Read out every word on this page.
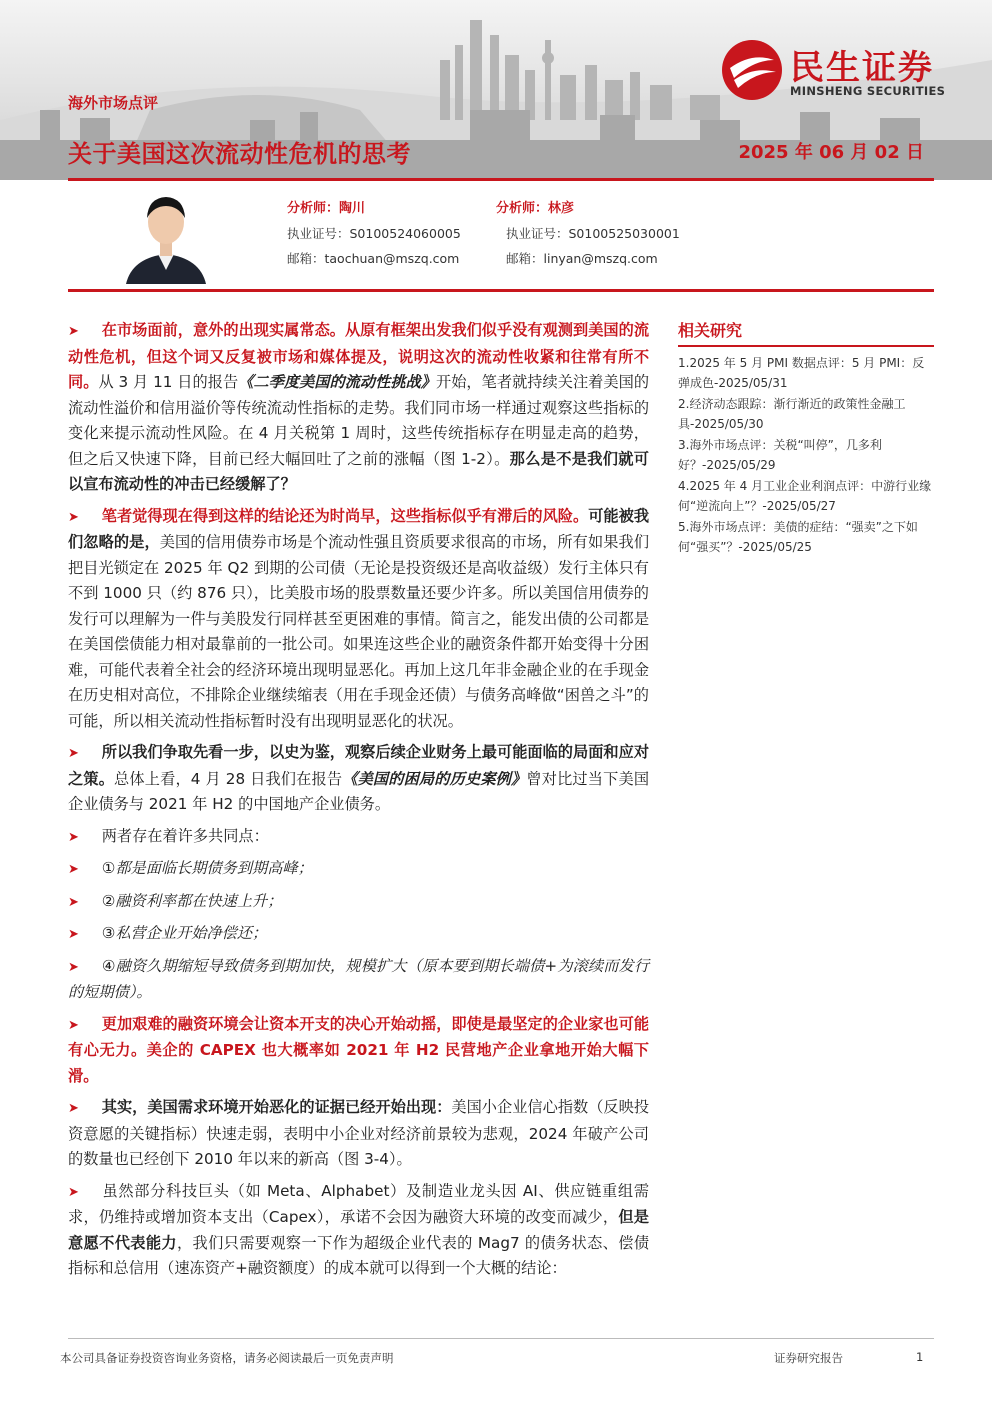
海外市场点评
关于美国这次流动性危机的思考	2025 年 06 月 02 日
民生证券
MINSHENG SECURITIES
分析师：陶川
执业证号：S0100524060005
邮箱：taochuan@mszq.com
分析师：林彦
执业证号：S0100525030001
邮箱：linyan@mszq.com

➤ 在市场面前，意外的出现实属常态。从原有框架出发我们似乎没有观测到美国的流动性危机，但这个词又反复被市场和媒体提及，说明这次的流动性收紧和往常有所不同。从 3 月 11 日的报告《二季度美国的流动性挑战》开始，笔者就持续关注着美国的流动性溢价和信用溢价等传统流动性指标的走势。我们同市场一样通过观察这些指标的变化来提示流动性风险。在 4 月关税第 1 周时，这些传统指标存在明显走高的趋势，但之后又快速下降，目前已经大幅回吐了之前的涨幅（图 1-2）。那么是不是我们就可以宣布流动性的冲击已经缓解了？

➤ 笔者觉得现在得到这样的结论还为时尚早，这些指标似乎有滞后的风险。可能被我们忽略的是，美国的信用债券市场是个流动性强且资质要求很高的市场，所有如果我们把目光锁定在 2025 年 Q2 到期的公司债（无论是投资级还是高收益级）发行主体只有不到 1000 只（约 876 只），比美股市场的股票数量还要少许多。所以美国信用债券的发行可以理解为一件与美股发行同样甚至更困难的事情。简言之，能发出债的公司都是在美国偿债能力相对最靠前的一批公司。如果连这些企业的融资条件都开始变得十分困难，可能代表着全社会的经济环境出现明显恶化。再加上这几年非金融企业的在手现金在历史相对高位，不排除企业继续缩表（用在手现金还债）与债务高峰做“困兽之斗”的可能，所以相关流动性指标暂时没有出现明显恶化的状况。

➤ 所以我们争取先看一步，以史为鉴，观察后续企业财务上最可能面临的局面和应对之策。总体上看，4 月 28 日我们在报告《美国的困局的历史案例》曾对比过当下美国企业债务与 2021 年 H2 的中国地产企业债务。

➤ 两者存在着许多共同点：

➤ ①都是面临长期债务到期高峰；

➤ ②融资利率都在快速上升；

➤ ③私营企业开始净偿还；

➤ ④融资久期缩短导致债务到期加快，规模扩大（原本要到期长端债+为滚续而发行的短期债）。

➤ 更加艰难的融资环境会让资本开支的决心开始动摇，即使是最坚定的企业家也可能有心无力。美企的 CAPEX 也大概率如 2021 年 H2 民营地产企业拿地开始大幅下滑。

➤ 其实，美国需求环境开始恶化的证据已经开始出现：美国小企业信心指数（反映投资意愿的关键指标）快速走弱，表明中小企业对经济前景较为悲观，2024 年破产公司的数量也已经创下 2010 年以来的新高（图 3-4）。

➤ 虽然部分科技巨头（如 Meta、Alphabet）及制造业龙头因 AI、供应链重组需求，仍维持或增加资本支出（Capex），承诺不会因为融资大环境的改变而减少，但是意愿不代表能力，我们只需要观察一下作为超级企业代表的 Mag7 的债务状态、偿债指标和总信用（速冻资产+融资额度）的成本就可以得到一个大概的结论：

相关研究
1.2025 年 5 月 PMI 数据点评：5 月 PMI：反弹成色-2025/05/31
2.经济动态跟踪：渐行渐近的政策性金融工具-2025/05/30
3.海外市场点评：关税“叫停”，几多利好？-2025/05/29
4.2025 年 4 月工业企业利润点评：中游行业缘何“逆流向上”？-2025/05/27
5.海外市场点评：美债的症结：“强卖”之下如何“强买”？-2025/05/25
本公司具备证券投资咨询业务资格，请务必阅读最后一页免责声明	证券研究报告	1
